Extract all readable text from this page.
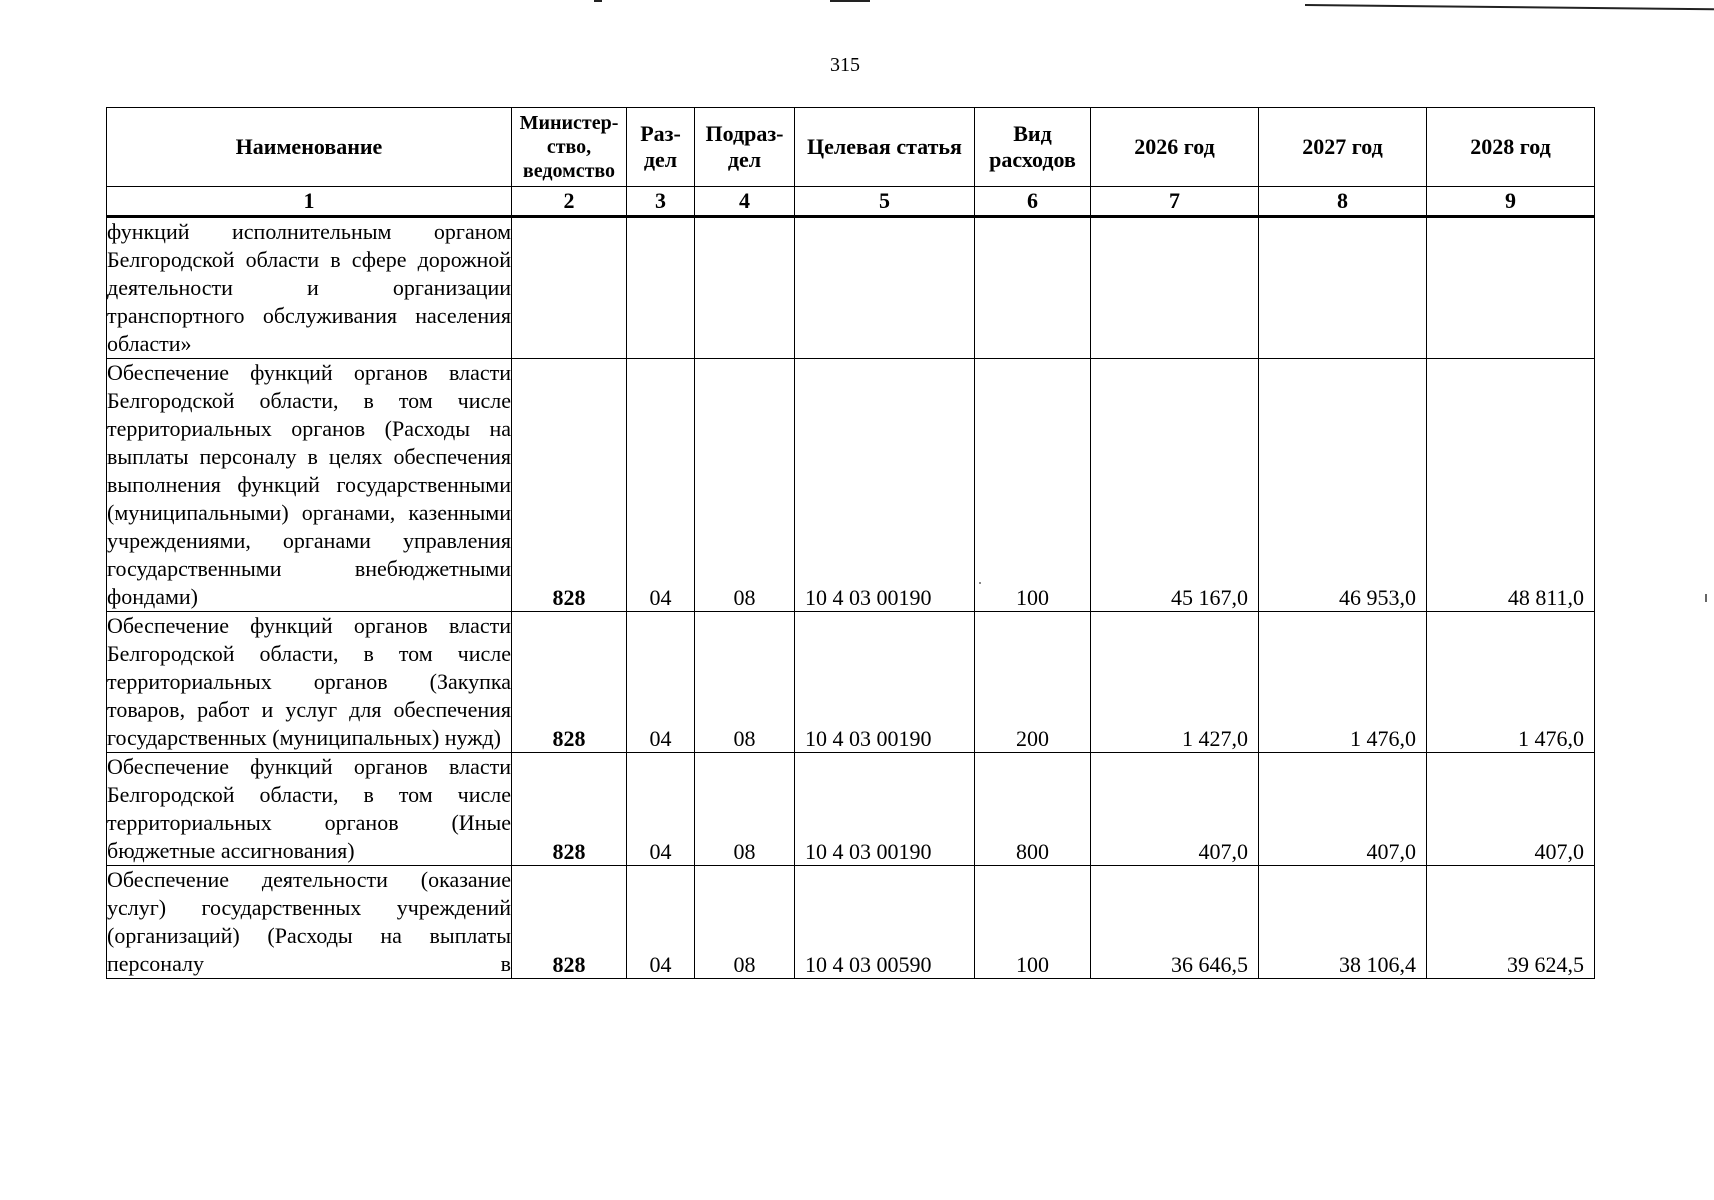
315
Наименование	Министер-ство, ведомство	Раз-дел	Подраз-дел	Целевая статья	Вид расходов	2026 год	2027 год	2028 год
1	2	3	4	5	6	7	8	9
функций исполнительным органом Белгородской области в сфере дорожной деятельности и организации транспортного обслуживания населения области»								
Обеспечение функций органов власти Белгородской области, в том числе территориальных органов (Расходы на выплаты персоналу в целях обеспечения выполнения функций государственными (муниципальными) органами, казенными учреждениями, органами управления государственными внебюджетными фондами)	828	04	08	10 4 03 00190	100	45 167,0	46 953,0	48 811,0
Обеспечение функций органов власти Белгородской области, в том числе территориальных органов (Закупка товаров, работ и услуг для обеспечения государственных (муниципальных) нужд)	828	04	08	10 4 03 00190	200	1 427,0	1 476,0	1 476,0
Обеспечение функций органов власти Белгородской области, в том числе территориальных органов (Иные бюджетные ассигнования)	828	04	08	10 4 03 00190	800	407,0	407,0	407,0
Обеспечение деятельности (оказание услуг) государственных учреждений (организаций) (Расходы на выплаты персоналу в	828	04	08	10 4 03 00590	100	36 646,5	38 106,4	39 624,5
